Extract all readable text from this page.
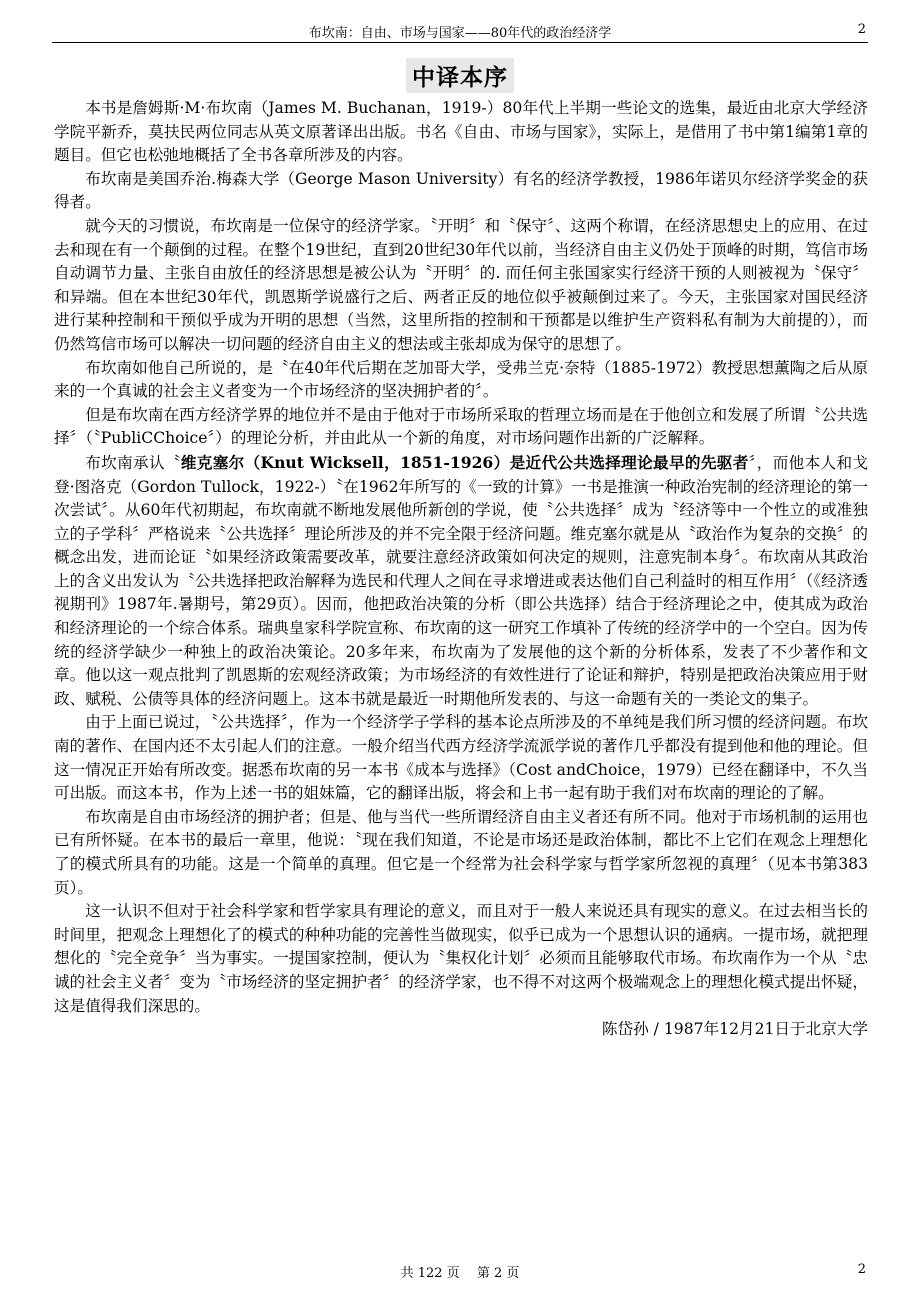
布坎南：自由、市场与国家——80年代的政治经济学	2
中译本序

本书是詹姆斯·M·布坎南（James M. Buchanan，1919-）80年代上半期一些论文的选集，最近由北京大学经济学院平新乔，莫扶民两位同志从英文原著译出出版。书名《自由、市场与国家》，实际上，是借用了书中第1编第1章的题目。但它也松弛地概括了全书各章所涉及的内容。

布坎南是美国乔治.梅森大学（George Mason University）有名的经济学教授，1986年诺贝尔经济学奖金的获得者。

就今天的习惯说，布坎南是一位保守的经济学家。〝开明〞和〝保守〞、这两个称谓，在经济思想史上的应用、在过去和现在有一个颠倒的过程。在整个19世纪，直到20世纪30年代以前，当经济自由主义仍处于顶峰的时期，笃信市场自动调节力量、主张自由放任的经济思想是被公认为〝开明〞的. 而任何主张国家实行经济干预的人则被视为〝保守〞和异端。但在本世纪30年代，凯恩斯学说盛行之后、两者正反的地位似乎被颠倒过来了。今天，主张国家对国民经济进行某种控制和干预似乎成为开明的思想（当然，这里所指的控制和干预都是以维护生产资料私有制为大前提的），而仍然笃信市场可以解决一切问题的经济自由主义的想法或主张却成为保守的思想了。

布坎南如他自己所说的，是〝在40年代后期在芝加哥大学，受弗兰克·奈特（1885-1972）教授思想薰陶之后从原来的一个真诚的社会主义者变为一个市场经济的坚决拥护者的〞。

但是布坎南在西方经济学界的地位并不是由于他对于市场所采取的哲理立场而是在于他创立和发展了所谓〝公共选择〞（〝PubliCChoice〞）的理论分析，并由此从一个新的角度，对市场问题作出新的广泛解释。

布坎南承认〝维克塞尔（Knut Wicksell，1851-1926）是近代公共选择理论最早的先驱者〞，而他本人和戈登·图洛克（Gordon Tullock，1922-）〝在1962年所写的《一致的计算》一书是推演一种政治宪制的经济理论的第一次尝试〞。从60年代初期起，布坎南就不断地发展他所新创的学说，使〝公共选择〞成为〝经济等中一个性立的或准独立的子学科〞严格说来〝公共选择〞理论所涉及的并不完全限于经济问题。维克塞尔就是从〝政治作为复杂的交换〞的概念出发，进而论证〝如果经济政策需要改革，就要注意经济政策如何决定的规则，注意宪制本身〞。布坎南从其政治上的含义出发认为〝公共选择把政治解释为选民和代理人之间在寻求增进或表达他们自己利益时的相互作用〞（《经济透视期刊》1987年.暑期号，第29页）。因而，他把政治决策的分析（即公共选择）结合于经济理论之中，使其成为政治和经济理论的一个综合体系。瑞典皇家科学院宣称、布坎南的这一研究工作填补了传统的经济学中的一个空白。因为传统的经济学缺少一种独上的政治决策论。20多年来，布坎南为了发展他的这个新的分析体系，发表了不少著作和文章。他以这一观点批判了凯恩斯的宏观经济政策；为市场经济的有效性进行了论证和辩护，特别是把政治决策应用于财政、赋税、公债等具体的经济问题上。这本书就是最近一时期他所发表的、与这一命题有关的一类论文的集子。

由于上面已说过，〝公共选择〞，作为一个经济学子学科的基本论点所涉及的不单纯是我们所习惯的经济问题。布坎南的著作、在国内还不太引起人们的注意。一般介绍当代西方经济学流派学说的著作几乎都没有提到他和他的理论。但这一情况正开始有所改变。据悉布坎南的另一本书《成本与选择》（Cost andChoice，1979）已经在翻译中，不久当可出版。而这本书，作为上述一书的姐妹篇，它的翻译出版，将会和上书一起有助于我们对布坎南的理论的了解。

布坎南是自由市场经济的拥护者；但是、他与当代一些所谓经济自由主义者还有所不同。他对于市场机制的运用也已有所怀疑。在本书的最后一章里，他说：〝现在我们知道，不论是市场还是政治体制，都比不上它们在观念上理想化了的模式所具有的功能。这是一个简单的真理。但它是一个经常为社会科学家与哲学家所忽视的真理〞（见本书第383页）。

这一认识不但对于社会科学家和哲学家具有理论的意义，而且对于一般人来说还具有现实的意义。在过去相当长的时间里，把观念上理想化了的模式的种种功能的完善性当做现实，似乎已成为一个思想认识的通病。一提市场，就把理想化的〝完全竞争〞当为事实。一提国家控制，便认为〝集权化计划〞必须而且能够取代市场。布坎南作为一个从〝忠诚的社会主义者〞变为〝市场经济的坚定拥护者〞的经济学家，也不得不对这两个极端观念上的理想化模式提出怀疑，这是值得我们深思的。

陈岱孙 / 1987年12月21日于北京大学

共 122 页　 第 2 页	2
